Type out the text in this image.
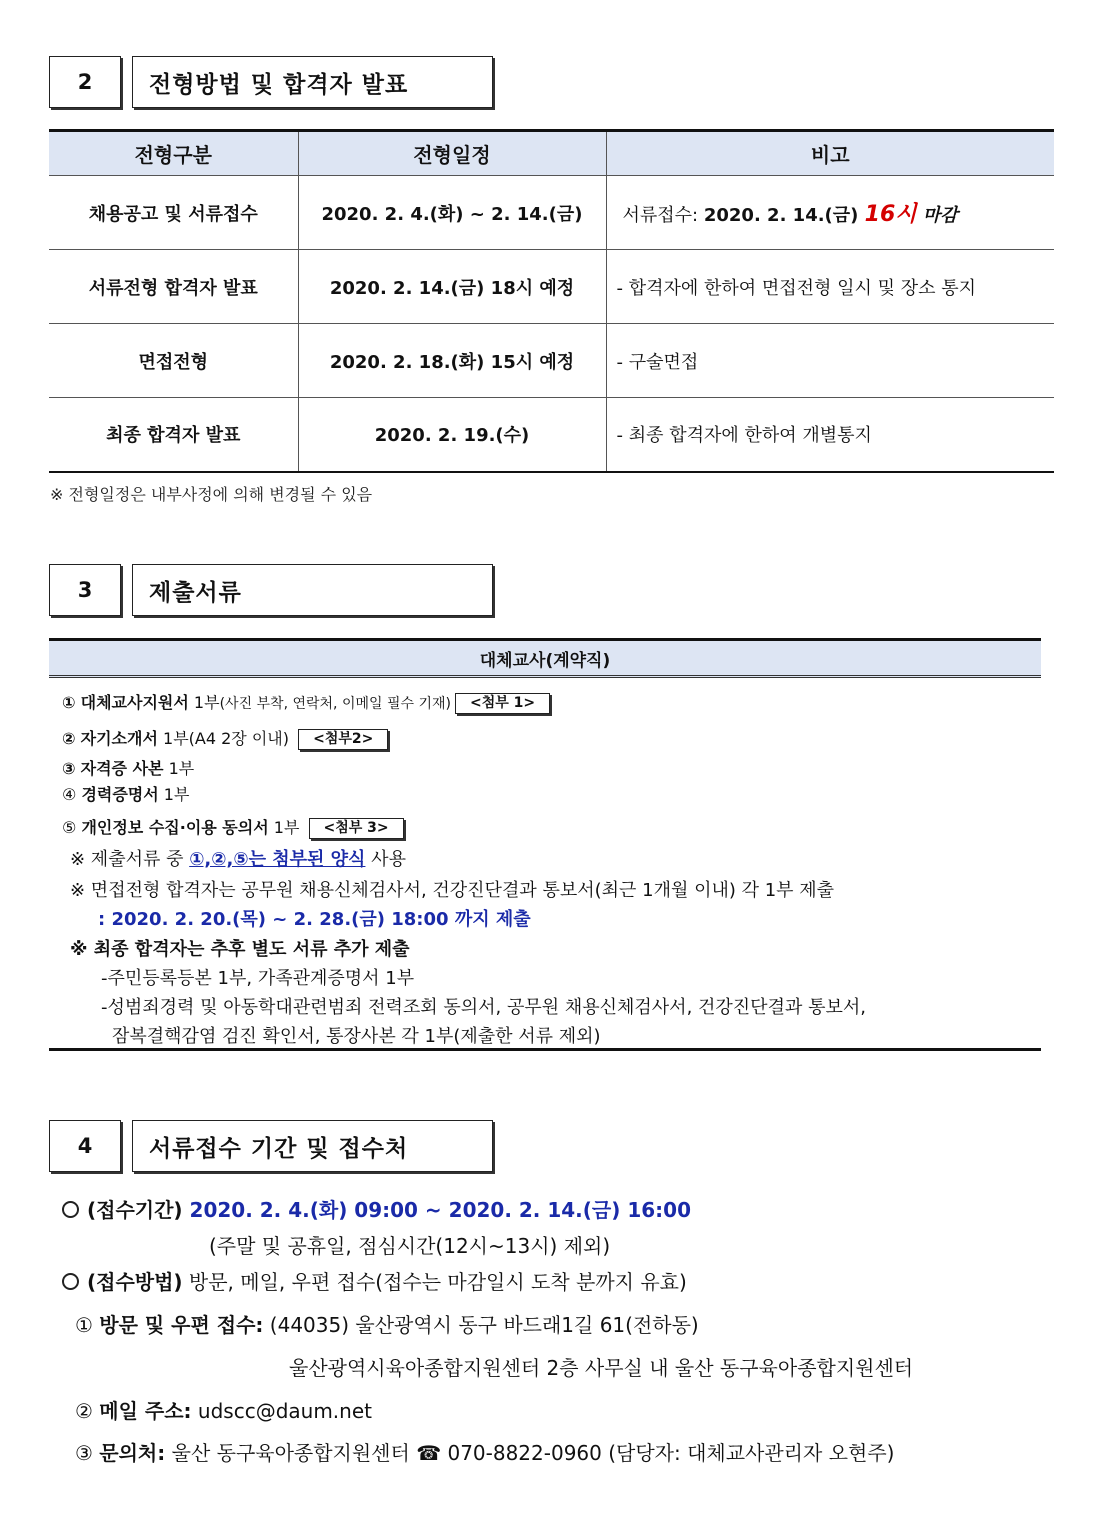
2	전형방법 및 합격자 발표
전형구분	전형일정	비고
채용공고 및 서류접수	2020. 2. 4.(화) ~ 2. 14.(금)	서류접수: 2020. 2. 14.(금) 16시 마감
서류전형 합격자 발표	2020. 2. 14.(금) 18시 예정	- 합격자에 한하여 면접전형 일시 및 장소 통지
면접전형	2020. 2. 18.(화) 15시 예정	- 구술면접
최종 합격자 발표	2020. 2. 19.(수)	- 최종 합격자에 한하여 개별통지
※ 전형일정은 내부사정에 의해 변경될 수 있음
3	제출서류
대체교사(계약직)
① 대체교사지원서 1부(사진 부착, 연락처, 이메일 필수 기재) <첨부 1>
② 자기소개서 1부(A4 2장 이내) <첨부2>
③ 자격증 사본 1부
④ 경력증명서 1부
⑤ 개인정보 수집·이용 동의서 1부 <첨부 3>
※ 제출서류 중 ①,②,⑤는 첨부된 양식 사용
※ 면접전형 합격자는 공무원 채용신체검사서, 건강진단결과 통보서(최근 1개월 이내) 각 1부 제출
: 2020. 2. 20.(목) ~ 2. 28.(금) 18:00 까지 제출
※ 최종 합격자는 추후 별도 서류 추가 제출
-주민등록등본 1부, 가족관계증명서 1부
-성범죄경력 및 아동학대관련범죄 전력조회 동의서, 공무원 채용신체검사서, 건강진단결과 통보서,
잠복결핵감염 검진 확인서, 통장사본 각 1부(제출한 서류 제외)
4	서류접수 기간 및 접수처
(접수기간) 2020. 2. 4.(화) 09:00 ~ 2020. 2. 14.(금) 16:00
(주말 및 공휴일, 점심시간(12시~13시) 제외)
(접수방법) 방문, 메일, 우편 접수(접수는 마감일시 도착 분까지 유효)
① 방문 및 우편 접수: (44035) 울산광역시 동구 바드래1길 61(전하동)
울산광역시육아종합지원센터 2층 사무실 내 울산 동구육아종합지원센터
② 메일 주소: udscc@daum.net
③ 문의처: 울산 동구육아종합지원센터 ☎ 070-8822-0960 (담당자: 대체교사관리자 오현주)
